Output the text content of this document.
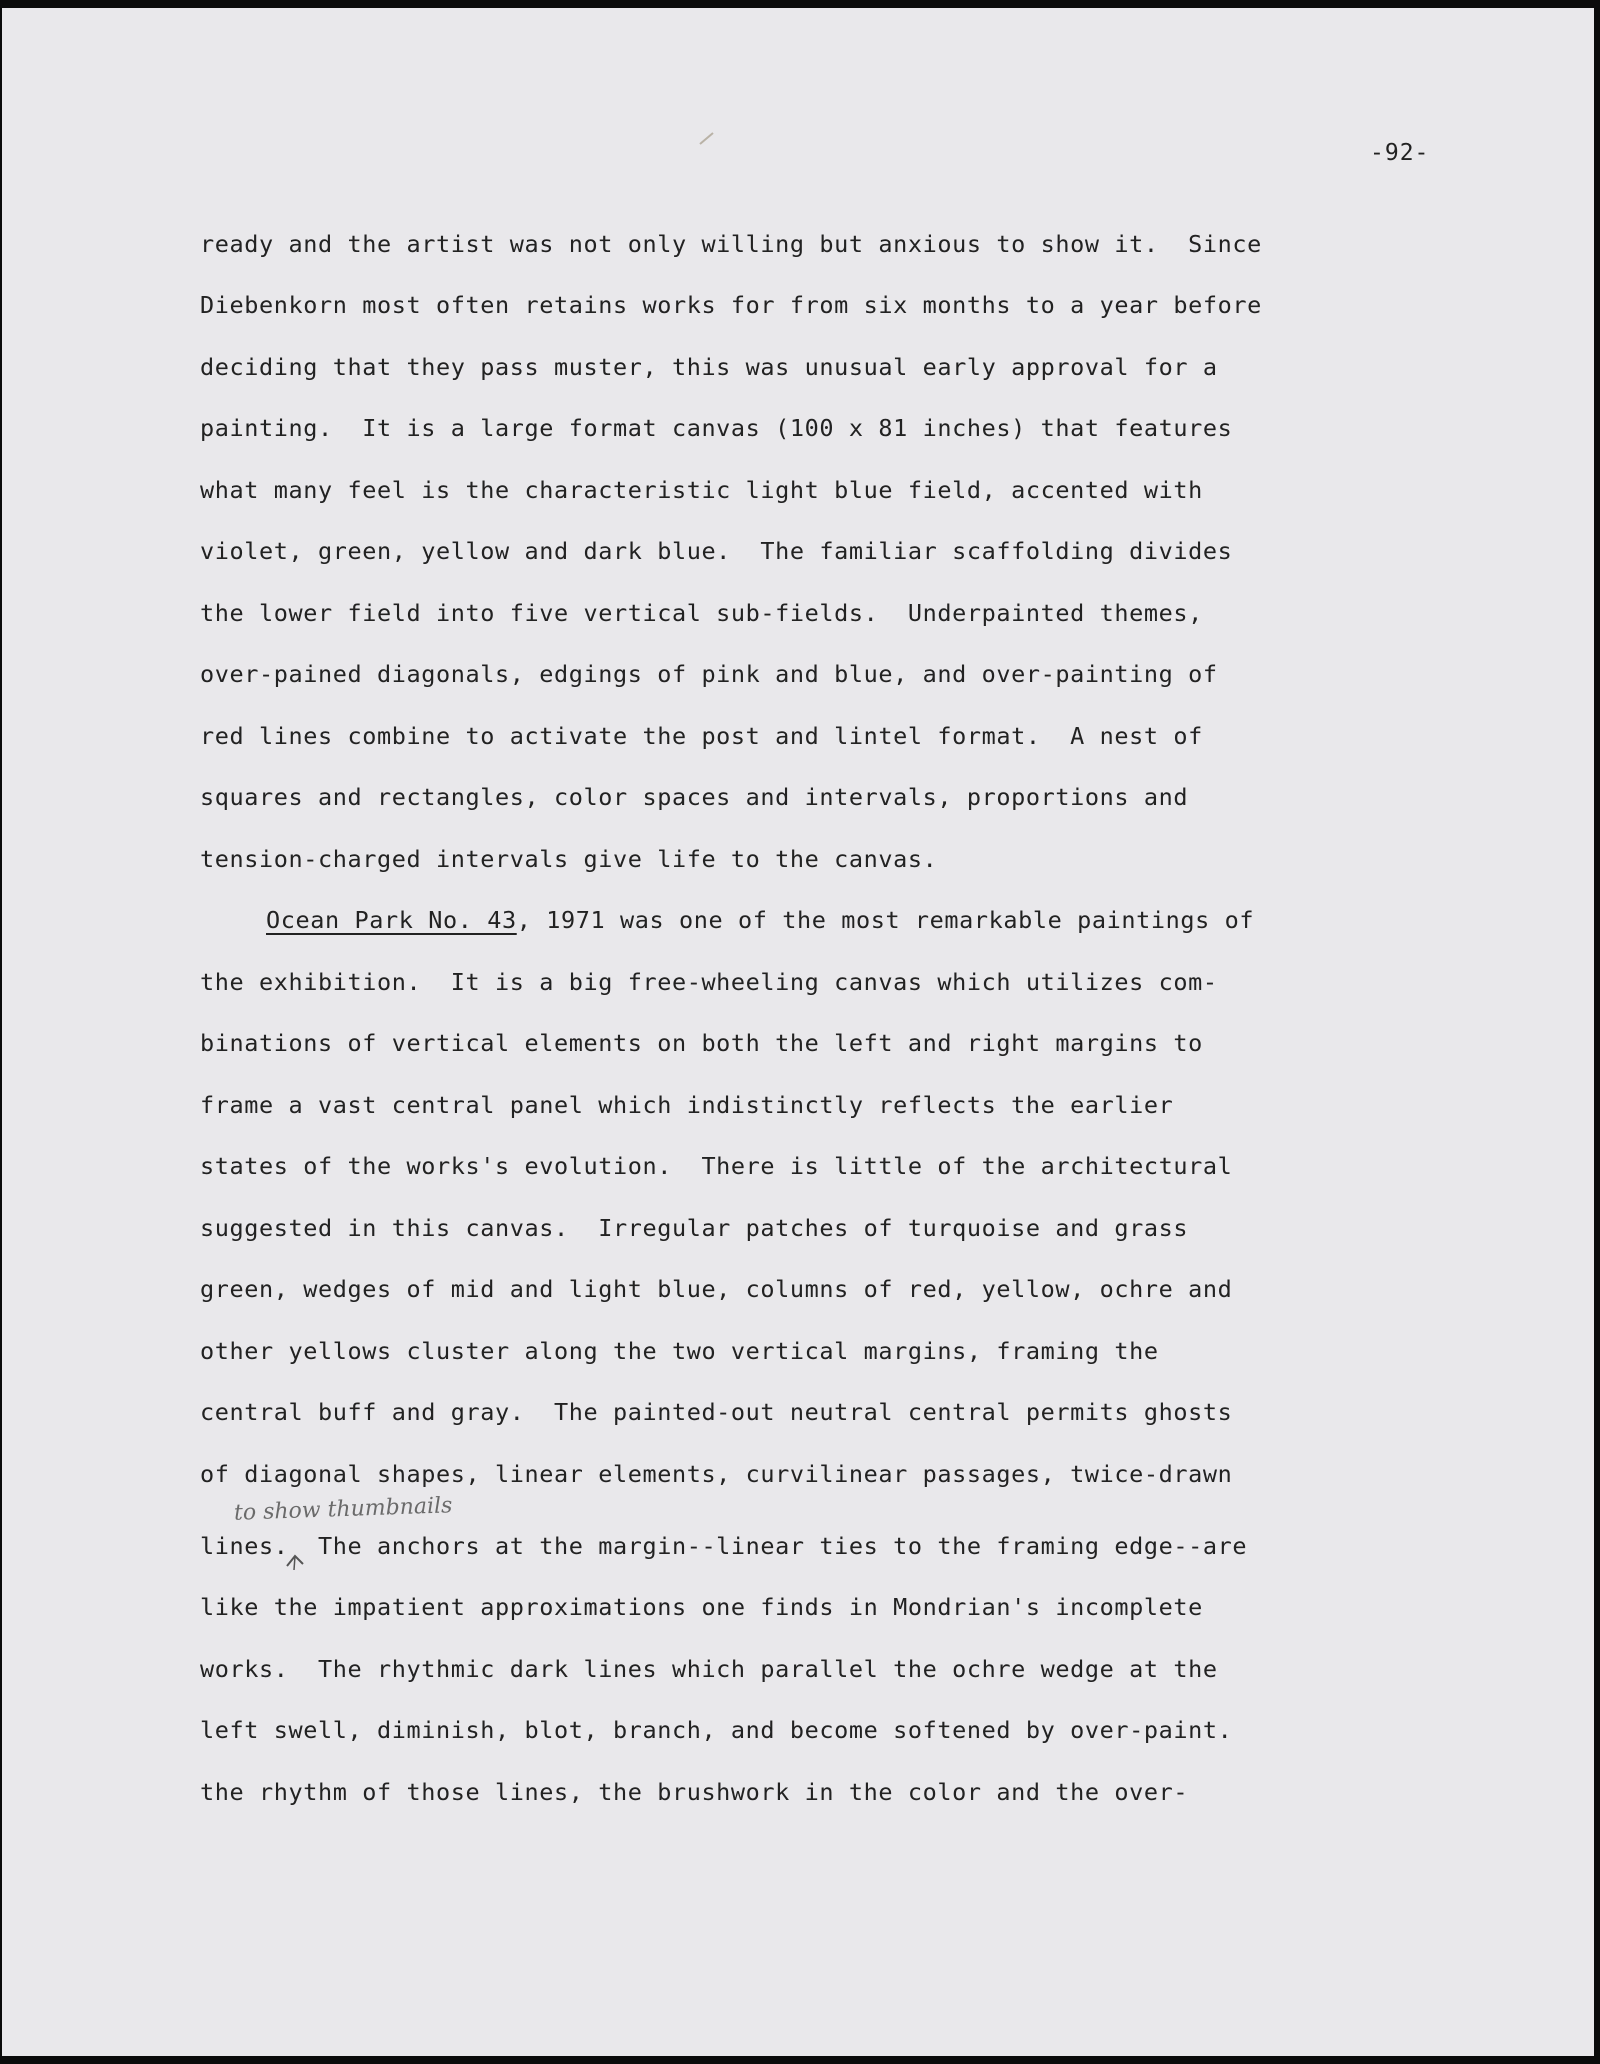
-92-
ready and the artist was not only willing but anxious to show it.  Since
Diebenkorn most often retains works for from six months to a year before
deciding that they pass muster, this was unusual early approval for a
painting.  It is a large format canvas (100 x 81 inches) that features
what many feel is the characteristic light blue field, accented with
violet, green, yellow and dark blue.  The familiar scaffolding divides
the lower field into five vertical sub-fields.  Underpainted themes,
over-pained diagonals, edgings of pink and blue, and over-painting of
red lines combine to activate the post and lintel format.  A nest of
squares and rectangles, color spaces and intervals, proportions and
tension-charged intervals give life to the canvas.
Ocean Park No. 43, 1971 was one of the most remarkable paintings of
the exhibition.  It is a big free-wheeling canvas which utilizes com-
binations of vertical elements on both the left and right margins to
frame a vast central panel which indistinctly reflects the earlier
states of the works's evolution.  There is little of the architectural
suggested in this canvas.  Irregular patches of turquoise and grass
green, wedges of mid and light blue, columns of red, yellow, ochre and
other yellows cluster along the two vertical margins, framing the
central buff and gray.  The painted-out neutral central permits ghosts
of diagonal shapes, linear elements, curvilinear passages, twice-drawn
lines.  The anchors at the margin--linear ties to the framing edge--are
like the impatient approximations one finds in Mondrian's incomplete
works.  The rhythmic dark lines which parallel the ochre wedge at the
left swell, diminish, blot, branch, and become softened by over-paint.
the rhythm of those lines, the brushwork in the color and the over-
to show thumbnails
